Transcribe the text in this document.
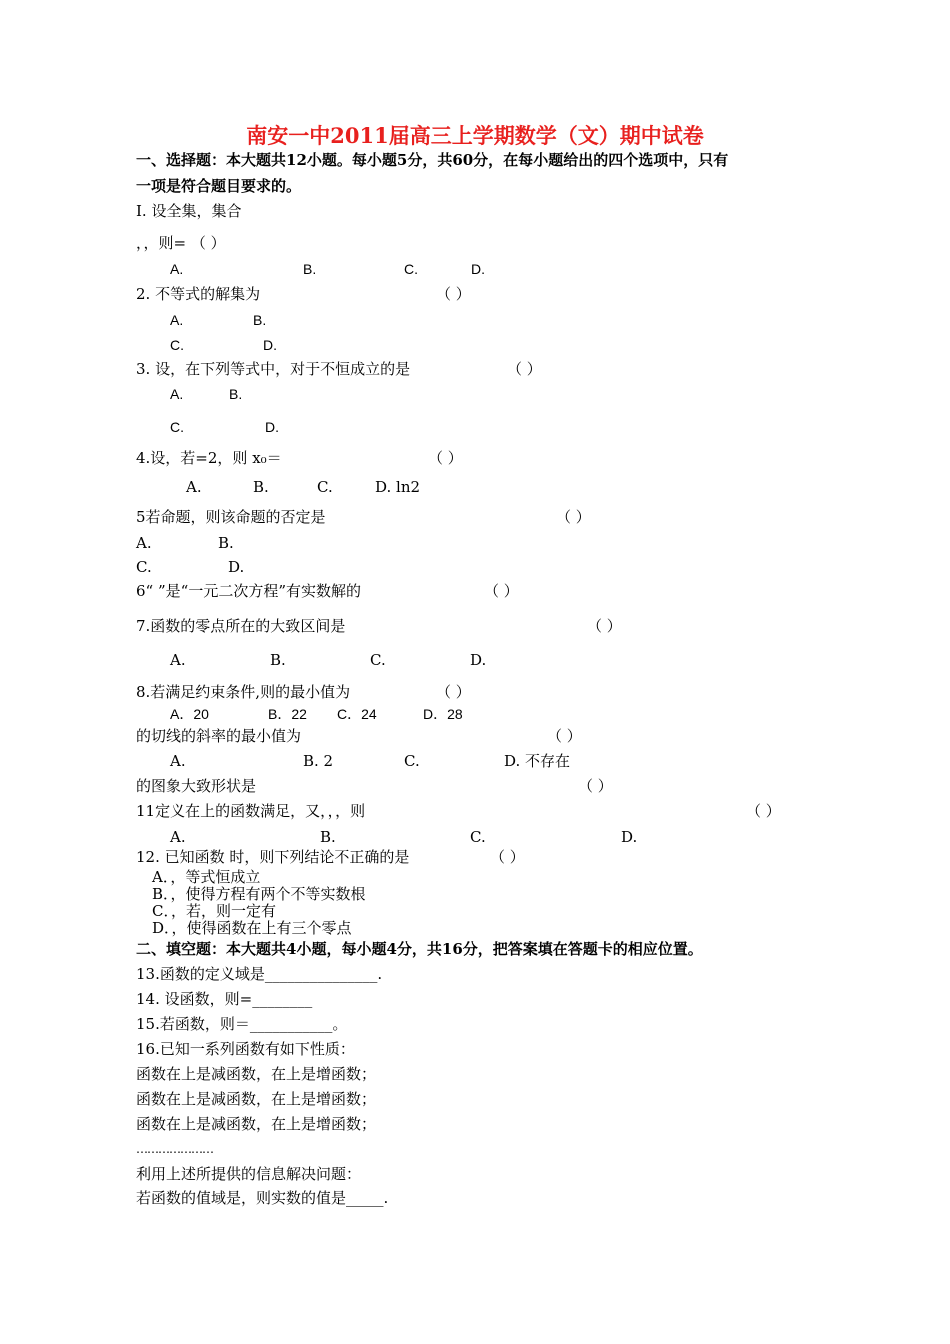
南安一中2011届高三上学期数学（文）期中试卷
一、选择题：本大题共12小题。每小题5分，共60分，在每小题给出的四个选项中，只有
一项是符合题目要求的。
I. 设全集，集合
，，则= （ ）
A.	B.	C.	D.
2. 不等式的解集为	（ ）
A.	B.
C.	D.
3. 设，在下列等式中，对于不恒成立的是	（ ）
A.	B.
C.	D.
4.设，若=2，则 x₀＝	（ ）
A.	B.	C.	D. ln2
5若命题，则该命题的否定是	（ ）
A.	B.
C.	D.
6“ ”是“一元二次方程”有实数解的	（ ）
7.函数的零点所在的大致区间是	（ ）
A.	B.	C.	D.
8.若满足约束条件,则的最小值为	（ ）
A．20	B．22 C．24	D．28
的切线的斜率的最小值为	（ ）
A.	B. 2	C.	D. 不存在
的图象大致形状是	（ ）
11定义在上的函数满足，又，，，则	（ ）
A.	B.	C.	D.
12. 已知函数 时，则下列结论不正确的是	（ ）
A．，等式恒成立
B．，使得方程有两个不等实数根
C．，若，则一定有
D．，使得函数在上有三个零点
二、填空题：本大题共4小题，每小题4分，共16分，把答案填在答题卡的相应位置。
13.函数的定义域是_______________.
14. 设函数，则=________
15.若函数，则＝___________。
16.已知一系列函数有如下性质：
函数在上是减函数，在上是增函数；
函数在上是减函数，在上是增函数；
函数在上是减函数，在上是增函数；
…………………
利用上述所提供的信息解决问题：
若函数的值域是，则实数的值是_____.
